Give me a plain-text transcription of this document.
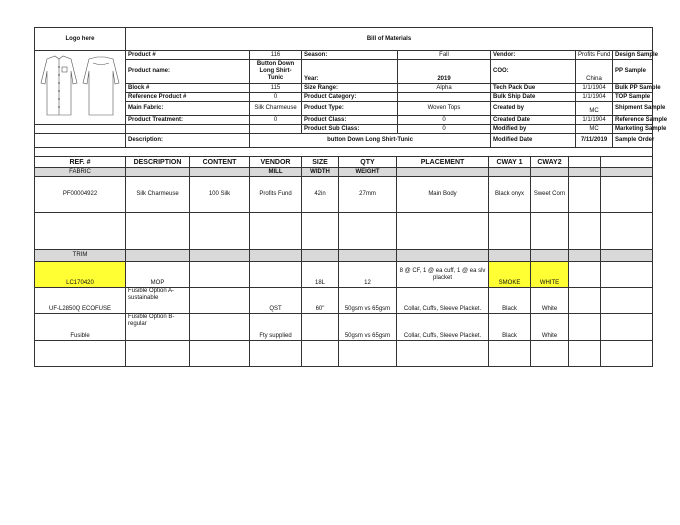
Logo here	Bill of Materials						
	Product #	116	Season:	Fall	Vendor:	Profits Fund	Design Sample
	Product name:	Button Down Long Shirt-Tunic	Year:	2019	COO:	China	PP Sample
	Block #	115	Size Range:	Alpha	Tech Pack Due	1/1/1904	Bulk PP Sample
	Reference Product #	0	Product Category:		Bulk Ship Date	1/1/1904	TOP Sample
	Main Fabric:	Silk Charmeuse	Product Type:	Woven Tops	Created by	MC	Shipment Sample
	Product Treatment:	0	Product Class:	0	Created Date	1/1/1904	Reference Sample
			Product Sub Class:	0	Modified by	MC	Marketing Sample
	Description:	button Down Long Shirt-Tunic			Modified Date	7/11/2019	Sample Order

REF. #	DESCRIPTION	CONTENT	VENDOR	SIZE	QTY	PLACEMENT	CWAY 1	CWAY2		
FABRIC			MILL	WIDTH	WEIGHT					
PF00004922	Silk Charmeuse	100 Silk	Profits Fund	42in	27mm	Main Body	Black onyx	Sweet Corn		

TRIM										
LC170420	MOP			18L	12	8 @ CF, 1 @ ea cuff, 1 @ ea slv placket	SMOKE	WHITE		
UF-L2850Q ECOFUSE	Fusible Option A- sustainable		QST	60"	50gsm vs 65gsm	Collar, Cuffs, Sleeve Placket.	Black	White		
Fusible	Fusible Option B- regular		Fty supplied		50gsm vs 65gsm	Collar, Cuffs, Sleeve Placket.	Black	White		
